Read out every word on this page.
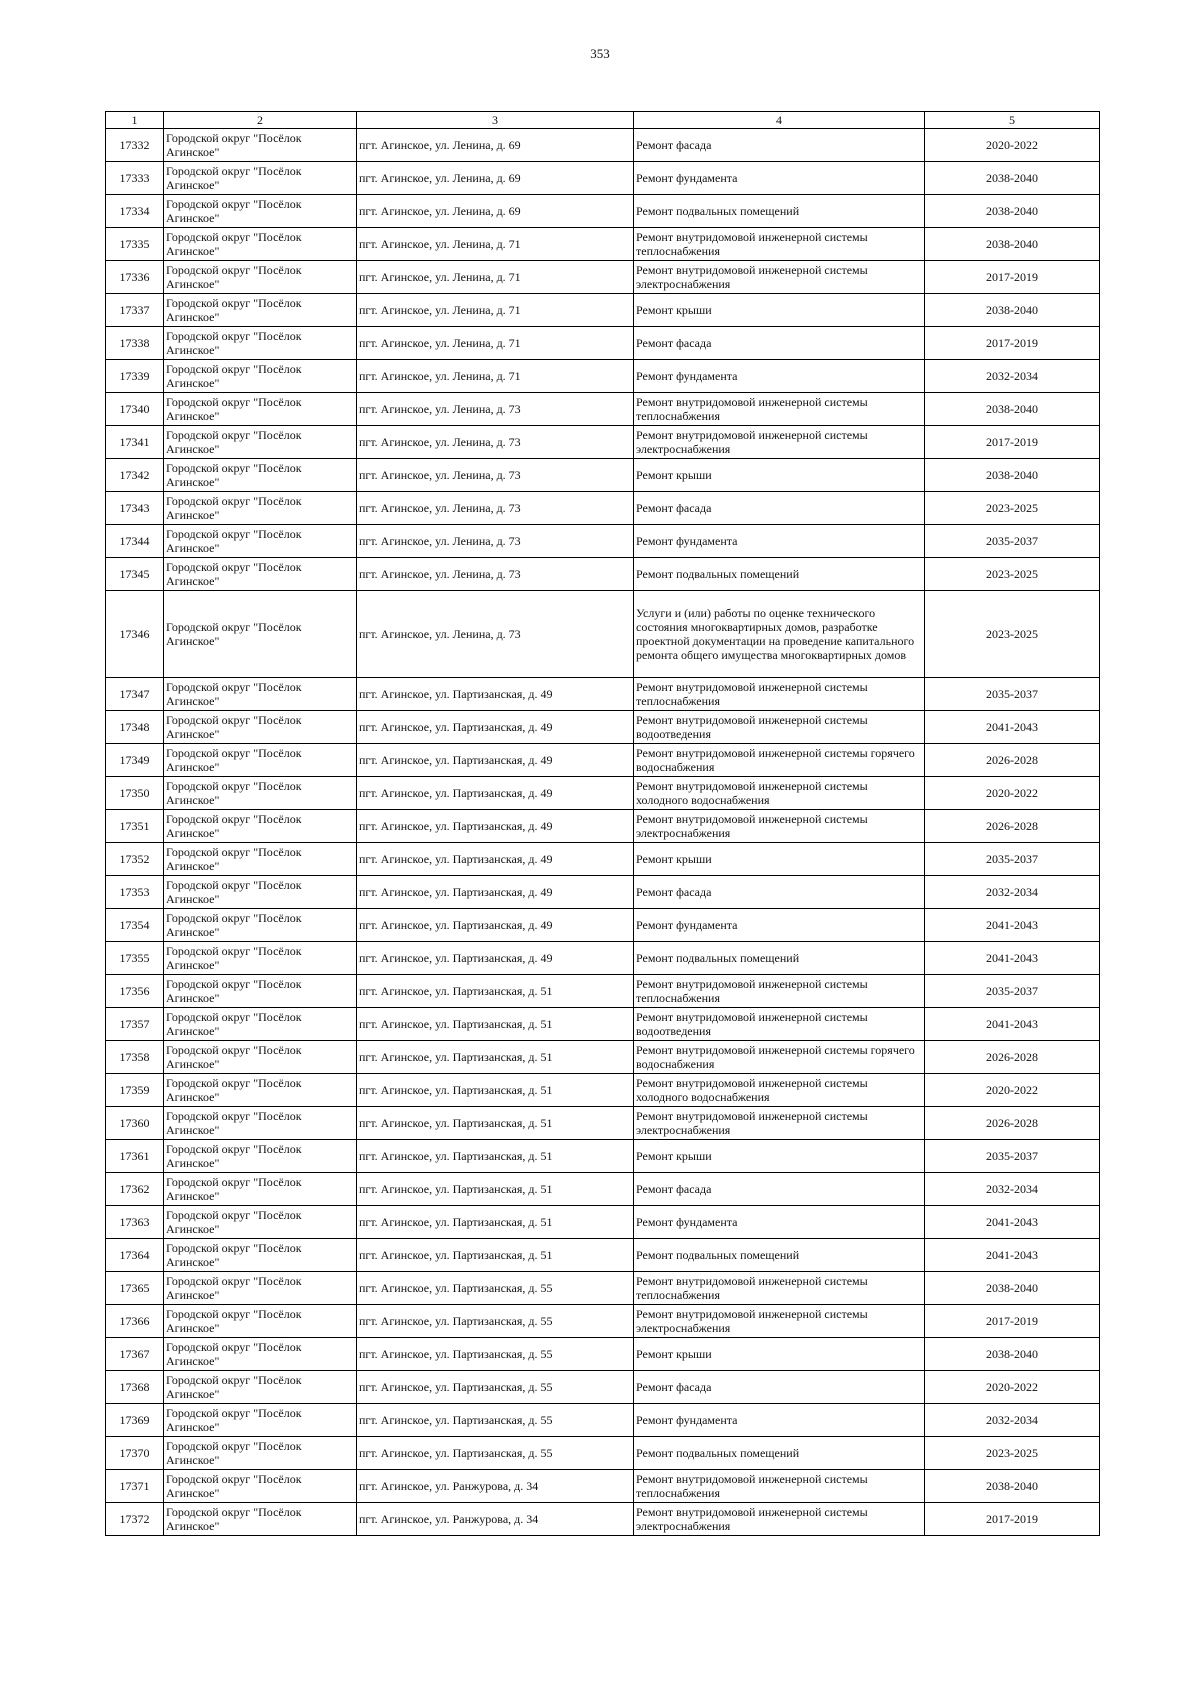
353
1	2	3	4	5
17332	Городской округ "Посёлок Агинское"	пгт. Агинское, ул. Ленина, д. 69	Ремонт фасада	2020-2022
17333	Городской округ "Посёлок Агинское"	пгт. Агинское, ул. Ленина, д. 69	Ремонт фундамента	2038-2040
17334	Городской округ "Посёлок Агинское"	пгт. Агинское, ул. Ленина, д. 69	Ремонт подвальных помещений	2038-2040
17335	Городской округ "Посёлок Агинское"	пгт. Агинское, ул. Ленина, д. 71	Ремонт внутридомовой инженерной системы теплоснабжения	2038-2040
17336	Городской округ "Посёлок Агинское"	пгт. Агинское, ул. Ленина, д. 71	Ремонт внутридомовой инженерной системы электроснабжения	2017-2019
17337	Городской округ "Посёлок Агинское"	пгт. Агинское, ул. Ленина, д. 71	Ремонт крыши	2038-2040
17338	Городской округ "Посёлок Агинское"	пгт. Агинское, ул. Ленина, д. 71	Ремонт фасада	2017-2019
17339	Городской округ "Посёлок Агинское"	пгт. Агинское, ул. Ленина, д. 71	Ремонт фундамента	2032-2034
17340	Городской округ "Посёлок Агинское"	пгт. Агинское, ул. Ленина, д. 73	Ремонт внутридомовой инженерной системы теплоснабжения	2038-2040
17341	Городской округ "Посёлок Агинское"	пгт. Агинское, ул. Ленина, д. 73	Ремонт внутридомовой инженерной системы электроснабжения	2017-2019
17342	Городской округ "Посёлок Агинское"	пгт. Агинское, ул. Ленина, д. 73	Ремонт крыши	2038-2040
17343	Городской округ "Посёлок Агинское"	пгт. Агинское, ул. Ленина, д. 73	Ремонт фасада	2023-2025
17344	Городской округ "Посёлок Агинское"	пгт. Агинское, ул. Ленина, д. 73	Ремонт фундамента	2035-2037
17345	Городской округ "Посёлок Агинское"	пгт. Агинское, ул. Ленина, д. 73	Ремонт подвальных помещений	2023-2025
17346	Городской округ "Посёлок Агинское"	пгт. Агинское, ул. Ленина, д. 73	Услуги и (или) работы по оценке технического состояния многоквартирных домов, разработке проектной документации на проведение капитального ремонта общего имущества многоквартирных домов	2023-2025
17347	Городской округ "Посёлок Агинское"	пгт. Агинское, ул. Партизанская, д. 49	Ремонт внутридомовой инженерной системы теплоснабжения	2035-2037
17348	Городской округ "Посёлок Агинское"	пгт. Агинское, ул. Партизанская, д. 49	Ремонт внутридомовой инженерной системы водоотведения	2041-2043
17349	Городской округ "Посёлок Агинское"	пгт. Агинское, ул. Партизанская, д. 49	Ремонт внутридомовой инженерной системы горячего водоснабжения	2026-2028
17350	Городской округ "Посёлок Агинское"	пгт. Агинское, ул. Партизанская, д. 49	Ремонт внутридомовой инженерной системы холодного водоснабжения	2020-2022
17351	Городской округ "Посёлок Агинское"	пгт. Агинское, ул. Партизанская, д. 49	Ремонт внутридомовой инженерной системы электроснабжения	2026-2028
17352	Городской округ "Посёлок Агинское"	пгт. Агинское, ул. Партизанская, д. 49	Ремонт крыши	2035-2037
17353	Городской округ "Посёлок Агинское"	пгт. Агинское, ул. Партизанская, д. 49	Ремонт фасада	2032-2034
17354	Городской округ "Посёлок Агинское"	пгт. Агинское, ул. Партизанская, д. 49	Ремонт фундамента	2041-2043
17355	Городской округ "Посёлок Агинское"	пгт. Агинское, ул. Партизанская, д. 49	Ремонт подвальных помещений	2041-2043
17356	Городской округ "Посёлок Агинское"	пгт. Агинское, ул. Партизанская, д. 51	Ремонт внутридомовой инженерной системы теплоснабжения	2035-2037
17357	Городской округ "Посёлок Агинское"	пгт. Агинское, ул. Партизанская, д. 51	Ремонт внутридомовой инженерной системы водоотведения	2041-2043
17358	Городской округ "Посёлок Агинское"	пгт. Агинское, ул. Партизанская, д. 51	Ремонт внутридомовой инженерной системы горячего водоснабжения	2026-2028
17359	Городской округ "Посёлок Агинское"	пгт. Агинское, ул. Партизанская, д. 51	Ремонт внутридомовой инженерной системы холодного водоснабжения	2020-2022
17360	Городской округ "Посёлок Агинское"	пгт. Агинское, ул. Партизанская, д. 51	Ремонт внутридомовой инженерной системы электроснабжения	2026-2028
17361	Городской округ "Посёлок Агинское"	пгт. Агинское, ул. Партизанская, д. 51	Ремонт крыши	2035-2037
17362	Городской округ "Посёлок Агинское"	пгт. Агинское, ул. Партизанская, д. 51	Ремонт фасада	2032-2034
17363	Городской округ "Посёлок Агинское"	пгт. Агинское, ул. Партизанская, д. 51	Ремонт фундамента	2041-2043
17364	Городской округ "Посёлок Агинское"	пгт. Агинское, ул. Партизанская, д. 51	Ремонт подвальных помещений	2041-2043
17365	Городской округ "Посёлок Агинское"	пгт. Агинское, ул. Партизанская, д. 55	Ремонт внутридомовой инженерной системы теплоснабжения	2038-2040
17366	Городской округ "Посёлок Агинское"	пгт. Агинское, ул. Партизанская, д. 55	Ремонт внутридомовой инженерной системы электроснабжения	2017-2019
17367	Городской округ "Посёлок Агинское"	пгт. Агинское, ул. Партизанская, д. 55	Ремонт крыши	2038-2040
17368	Городской округ "Посёлок Агинское"	пгт. Агинское, ул. Партизанская, д. 55	Ремонт фасада	2020-2022
17369	Городской округ "Посёлок Агинское"	пгт. Агинское, ул. Партизанская, д. 55	Ремонт фундамента	2032-2034
17370	Городской округ "Посёлок Агинское"	пгт. Агинское, ул. Партизанская, д. 55	Ремонт подвальных помещений	2023-2025
17371	Городской округ "Посёлок Агинское"	пгт. Агинское, ул. Ранжурова, д. 34	Ремонт внутридомовой инженерной системы теплоснабжения	2038-2040
17372	Городской округ "Посёлок Агинское"	пгт. Агинское, ул. Ранжурова, д. 34	Ремонт внутридомовой инженерной системы электроснабжения	2017-2019
